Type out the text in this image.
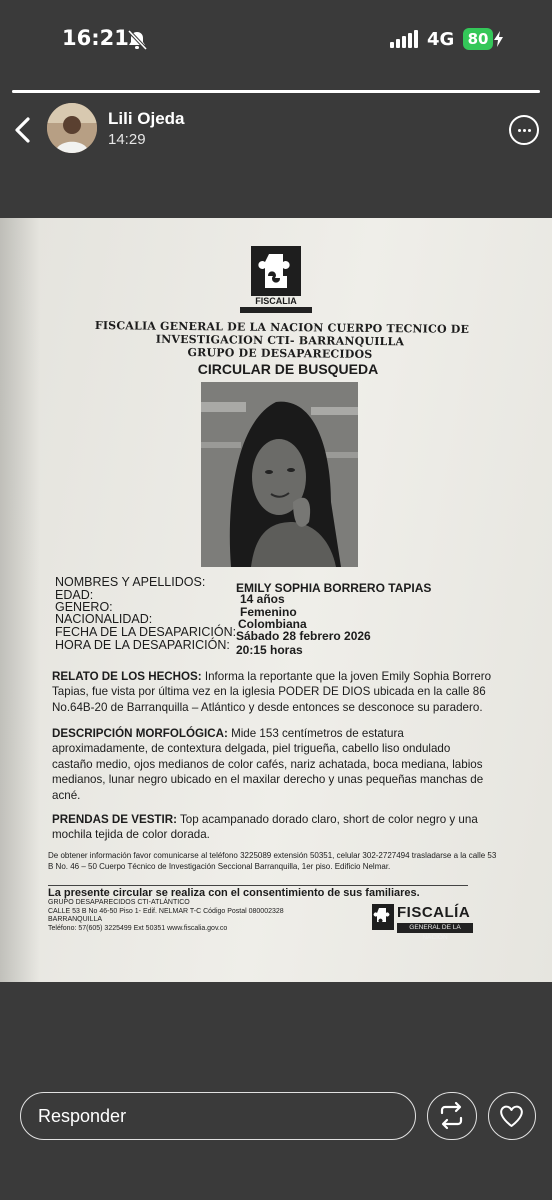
16:21	4G 80
Lili Ojeda
14:29
FISCALIA
FISCALIA GENERAL DE LA NACION CUERPO TECNICO DE
INVESTIGACION CTI- BARRANQUILLA
GRUPO DE DESAPARECIDOS
CIRCULAR DE BUSQUEDA
NOMBRES Y APELLIDOS:	EMILY SOPHIA BORRERO TAPIAS
EDAD:	14 años
GENERO:	Femenino
NACIONALIDAD:	Colombiana
FECHA DE LA DESAPARICIÓN: Sábado 28 febrero 2026
HORA DE LA DESAPARICIÓN: 20:15 horas
RELATO DE LOS HECHOS: Informa la reportante que la joven Emily Sophia Borrero Tapias, fue vista por última vez en la iglesia PODER DE DIOS ubicada en la calle 86 No.64B-20 de Barranquilla – Atlántico y desde entonces se desconoce su paradero.
DESCRIPCIÓN MORFOLÓGICA: Mide 153 centímetros de estatura aproximadamente, de contextura delgada, piel trigueña, cabello liso ondulado castaño medio, ojos medianos de color cafés, nariz achatada, boca mediana, labios medianos, lunar negro ubicado en el maxilar derecho y unas pequeñas manchas de acné.
PRENDAS DE VESTIR: Top acampanado dorado claro, short de color negro y una mochila tejida de color dorada.
De obtener información favor comunicarse al teléfono 3225089 extensión 50351, celular 302-2727494 trasladarse a la calle 53 B No. 46 – 50 Cuerpo Técnico de Investigación Seccional Barranquilla, 1er piso. Edificio Nelmar.
La presente circular se realiza con el consentimiento de sus familiares.
GRUPO DESAPARECIDOS CTI-ATLÁNTICO
CALLE 53 B No 46-50 Piso 1- Edif. NELMAR T-C Código Postal 080002328
BARRANQUILLA
Teléfono: 57(605) 3225499 Ext 50351 www.fiscalia.gov.co
FISCALÍA
GENERAL DE LA NACIÓN
Responder
